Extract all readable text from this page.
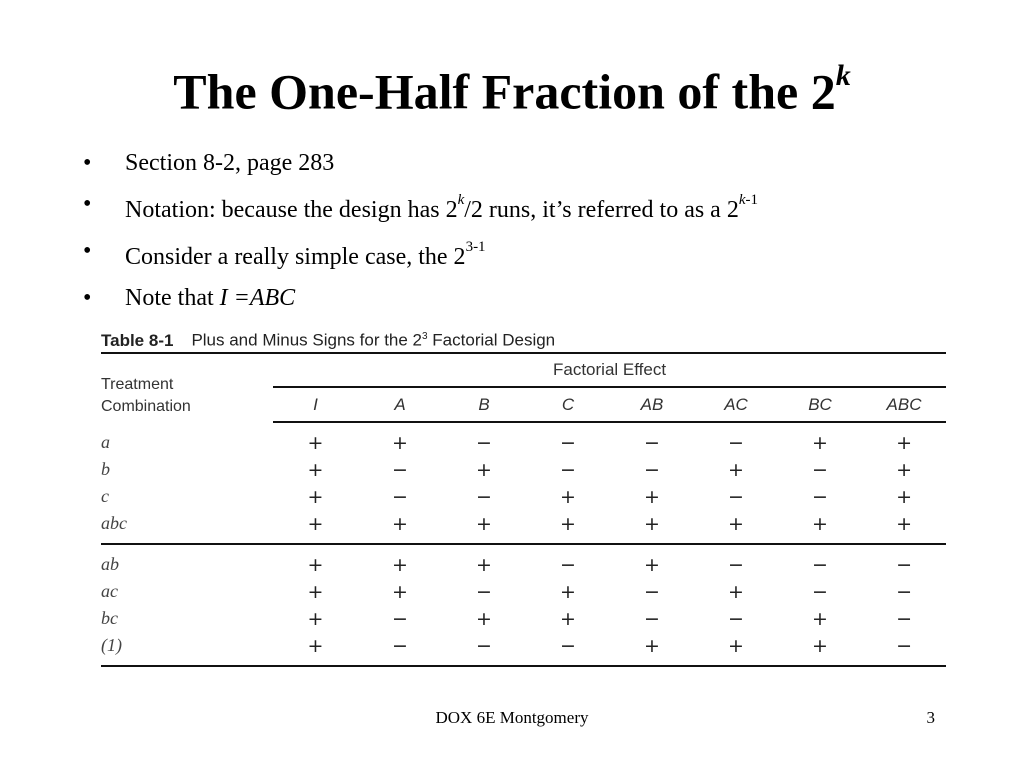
The One-Half Fraction of the 2$^k$
• Section 8-2, page 283
• Notation: because the design has 2$^k$/2 runs, it’s referred to as a 2$^{k-1}$
• Consider a really simple case, the 2$^{3-1}$
• Note that I =ABC
Table 8-1 Plus and Minus Signs for the $2^3$ Factorial Design
Treatment
Combination	Factorial Effect							
	I	A	B	C	AB	AC	BC	ABC
a	+	+	−	−	−	−	+	+
b	+	−	+	−	−	+	−	+
c	+	−	−	+	+	−	−	+
abc	+	+	+	+	+	+	+	+
ab	+	+	+	−	+	−	−	−
ac	+	+	−	+	−	+	−	−
bc	+	−	+	+	−	−	+	−
(1)	+	−	−	−	+	+	+	−
DOX 6E Montgomery	3
